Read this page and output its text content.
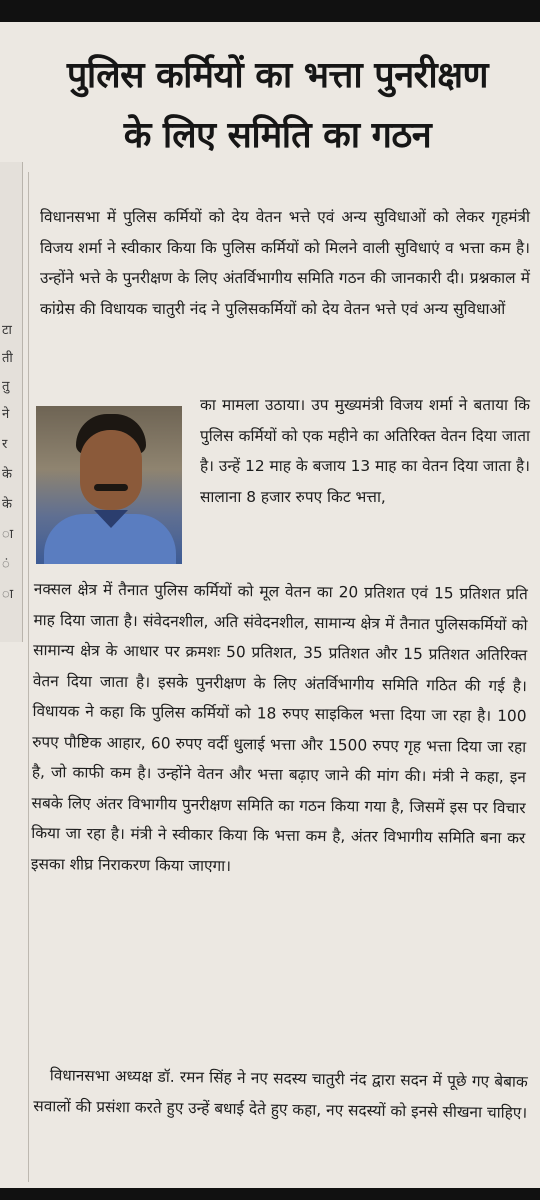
टा
ती
तु
ने
र
के
के
ा
ं
ा
पुलिस कर्मियों का भत्ता पुनरीक्षण
के लिए समिति का गठन

विधानसभा में पुलिस कर्मियों को देय वेतन भत्ते एवं अन्य सुविधाओं को लेकर गृहमंत्री विजय शर्मा ने स्वीकार किया कि पुलिस कर्मियों को मिलने वाली सुविधाएं व भत्ता कम है। उन्होंने भत्ते के पुनरीक्षण के लिए अंतर्विभागीय समिति गठन की जानकारी दी। प्रश्नकाल में कांग्रेस की विधायक चातुरी नंद ने पुलिसकर्मियों को देय वेतन भत्ते एवं अन्य सुविधाओं

का मामला उठाया। उप मुख्यमंत्री विजय शर्मा ने बताया कि पुलिस कर्मियों को एक महीने का अतिरिक्त वेतन दिया जाता है। उन्हें 12 माह के बजाय 13 माह का वेतन दिया जाता है। सालाना 8 हजार रुपए किट भत्ता,

नक्सल क्षेत्र में तैनात पुलिस कर्मियों को मूल वेतन का 20 प्रतिशत एवं 15 प्रतिशत प्रति माह दिया जाता है। संवेदनशील, अति संवेदनशील, सामान्य क्षेत्र में तैनात पुलिसकर्मियों को सामान्य क्षेत्र के आधार पर क्रमशः 50 प्रतिशत, 35 प्रतिशत और 15 प्रतिशत अतिरिक्त वेतन दिया जाता है। इसके पुनरीक्षण के लिए अंतर्विभागीय समिति गठित की गई है। विधायक ने कहा कि पुलिस कर्मियों को 18 रुपए साइकिल भत्ता दिया जा रहा है। 100 रुपए पौष्टिक आहार, 60 रुपए वर्दी धुलाई भत्ता और 1500 रुपए गृह भत्ता दिया जा रहा है, जो काफी कम है। उन्होंने वेतन और भत्ता बढ़ाए जाने की मांग की। मंत्री ने कहा, इन सबके लिए अंतर विभागीय पुनरीक्षण समिति का गठन किया गया है, जिसमें इस पर विचार किया जा रहा है। मंत्री ने स्वीकार किया कि भत्ता कम है, अंतर विभागीय समिति बना कर इसका शीघ्र निराकरण किया जाएगा।

विधानसभा अध्यक्ष डॉ. रमन सिंह ने नए सदस्य चातुरी नंद द्वारा सदन में पूछे गए बेबाक सवालों की प्रसंशा करते हुए उन्हें बधाई देते हुए कहा, नए सदस्यों को इनसे सीखना चाहिए।
